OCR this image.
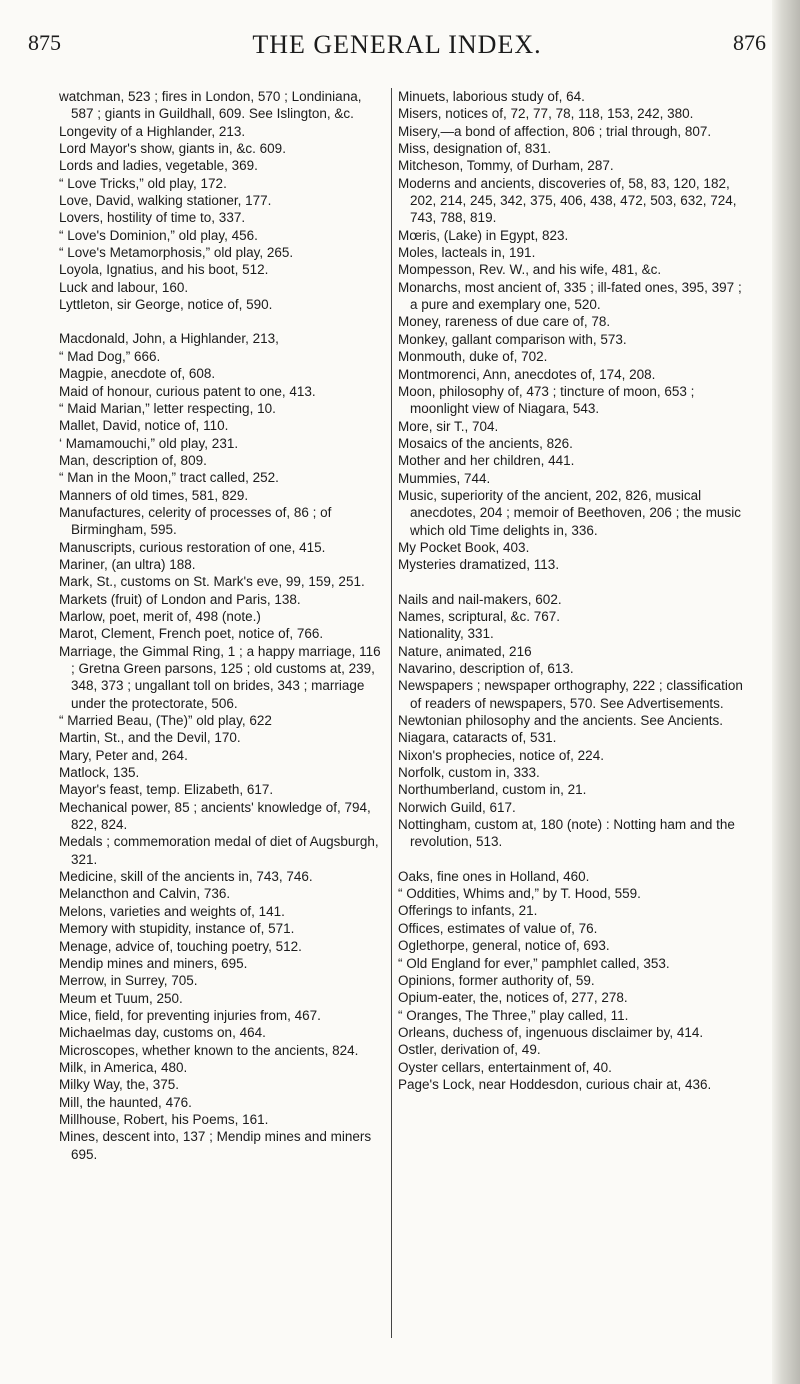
875	THE GENERAL INDEX.	876
watchman, 523 ; fires in London, 570 ; Londiniana, 587 ; giants in Guildhall, 609. See Islington, &c.
Longevity of a Highlander, 213.
Lord Mayor's show, giants in, &c. 609.
Lords and ladies, vegetable, 369.
“ Love Tricks,” old play, 172.
Love, David, walking stationer, 177.
Lovers, hostility of time to, 337.
“ Love's Dominion,” old play, 456.
“ Love's Metamorphosis,” old play, 265.
Loyola, Ignatius, and his boot, 512.
Luck and labour, 160.
Lyttleton, sir George, notice of, 590.
Macdonald, John, a Highlander, 213,
“ Mad Dog,” 666.
Magpie, anecdote of, 608.
Maid of honour, curious patent to one, 413.
“ Maid Marian,” letter respecting, 10.
Mallet, David, notice of, 110.
‘ Mamamouchi,” old play, 231.
Man, description of, 809.
“ Man in the Moon,” tract called, 252.
Manners of old times, 581, 829.
Manufactures, celerity of processes of, 86 ; of Birmingham, 595.
Manuscripts, curious restoration of one, 415.
Mariner, (an ultra) 188.
Mark, St., customs on St. Mark's eve, 99, 159, 251.
Markets (fruit) of London and Paris, 138.
Marlow, poet, merit of, 498 (note.)
Marot, Clement, French poet, notice of, 766.
Marriage, the Gimmal Ring, 1 ; a happy marriage, 116 ; Gretna Green parsons, 125 ; old customs at, 239, 348, 373 ; ungallant toll on brides, 343 ; marriage under the protectorate, 506.
“ Married Beau, (The)” old play, 622
Martin, St., and the Devil, 170.
Mary, Peter and, 264.
Matlock, 135.
Mayor's feast, temp. Elizabeth, 617.
Mechanical power, 85 ; ancients' knowledge of, 794, 822, 824.
Medals ; commemoration medal of diet of Augsburgh, 321.
Medicine, skill of the ancients in, 743, 746.
Melancthon and Calvin, 736.
Melons, varieties and weights of, 141.
Memory with stupidity, instance of, 571.
Menage, advice of, touching poetry, 512.
Mendip mines and miners, 695.
Merrow, in Surrey, 705.
Meum et Tuum, 250.
Mice, field, for preventing injuries from, 467.
Michaelmas day, customs on, 464.
Microscopes, whether known to the ancients, 824.
Milk, in America, 480.
Milky Way, the, 375.
Mill, the haunted, 476.
Millhouse, Robert, his Poems, 161.
Mines, descent into, 137 ; Mendip mines and miners 695.
Minuets, laborious study of, 64.
Misers, notices of, 72, 77, 78, 118, 153, 242, 380.
Misery,—a bond of affection, 806 ; trial through, 807.
Miss, designation of, 831.
Mitcheson, Tommy, of Durham, 287.
Moderns and ancients, discoveries of, 58, 83, 120, 182, 202, 214, 245, 342, 375, 406, 438, 472, 503, 632, 724, 743, 788, 819.
Mœris, (Lake) in Egypt, 823.
Moles, lacteals in, 191.
Mompesson, Rev. W., and his wife, 481, &c.
Monarchs, most ancient of, 335 ; ill-fated ones, 395, 397 ; a pure and exemplary one, 520.
Money, rareness of due care of, 78.
Monkey, gallant comparison with, 573.
Monmouth, duke of, 702.
Montmorenci, Ann, anecdotes of, 174, 208.
Moon, philosophy of, 473 ; tincture of moon, 653 ; moonlight view of Niagara, 543.
More, sir T., 704.
Mosaics of the ancients, 826.
Mother and her children, 441.
Mummies, 744.
Music, superiority of the ancient, 202, 826, musical anecdotes, 204 ; memoir of Beethoven, 206 ; the music which old Time delights in, 336.
My Pocket Book, 403.
Mysteries dramatized, 113.
Nails and nail-makers, 602.
Names, scriptural, &c. 767.
Nationality, 331.
Nature, animated, 216
Navarino, description of, 613.
Newspapers ; newspaper orthography, 222 ; classification of readers of newspapers, 570. See Advertisements.
Newtonian philosophy and the ancients. See Ancients.
Niagara, cataracts of, 531.
Nixon's prophecies, notice of, 224.
Norfolk, custom in, 333.
Northumberland, custom in, 21.
Norwich Guild, 617.
Nottingham, custom at, 180 (note) : Notting ham and the revolution, 513.
Oaks, fine ones in Holland, 460.
“ Oddities, Whims and,” by T. Hood, 559.
Offerings to infants, 21.
Offices, estimates of value of, 76.
Oglethorpe, general, notice of, 693.
“ Old England for ever,” pamphlet called, 353.
Opinions, former authority of, 59.
Opium-eater, the, notices of, 277, 278.
“ Oranges, The Three,” play called, 11.
Orleans, duchess of, ingenuous disclaimer by, 414.
Ostler, derivation of, 49.
Oyster cellars, entertainment of, 40.
Page's Lock, near Hoddesdon, curious chair at, 436.
